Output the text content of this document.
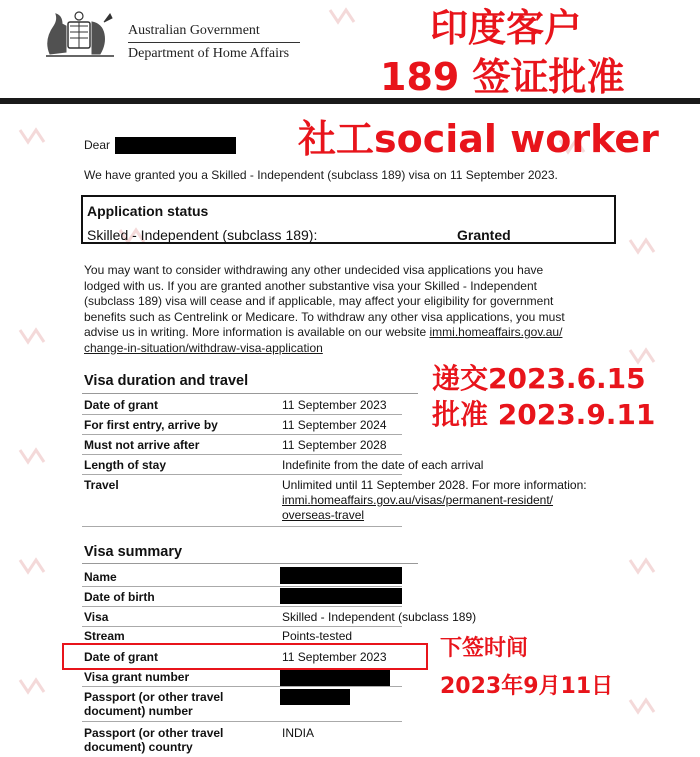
Australian Government
Department of Home Affairs
印度客户
189 签证批准
社工social worker
递交2023.6.15
批准 2023.9.11
下签时间
2023年9月11日
Dear
We have granted you a Skilled - Independent (subclass 189) visa on 11 September 2023.
Application status
Skilled - Independent (subclass 189):	Granted
You may want to consider withdrawing any other undecided visa applications you have
lodged with us. If you are granted another substantive visa your Skilled - Independent
(subclass 189) visa will cease and if applicable, may affect your eligibility for government
benefits such as Centrelink or Medicare. To withdraw any other visa applications, you must
advise us in writing. More information is available on our website immi.homeaffairs.gov.au/
change-in-situation/withdraw-visa-application
Visa duration and travel
Date of grant	11 September 2023
For first entry, arrive by	11 September 2024
Must not arrive after	11 September 2028
Length of stay	Indefinite from the date of each arrival
Travel	Unlimited until 11 September 2028. For more information:
immi.homeaffairs.gov.au/visas/permanent-resident/
overseas-travel
Visa summary
Name
Date of birth
Visa	Skilled - Independent (subclass 189)
Stream	Points-tested
Date of grant	11 September 2023
Visa grant number
Passport (or other travel
document) number
Passport (or other travel
document) country
INDIA
